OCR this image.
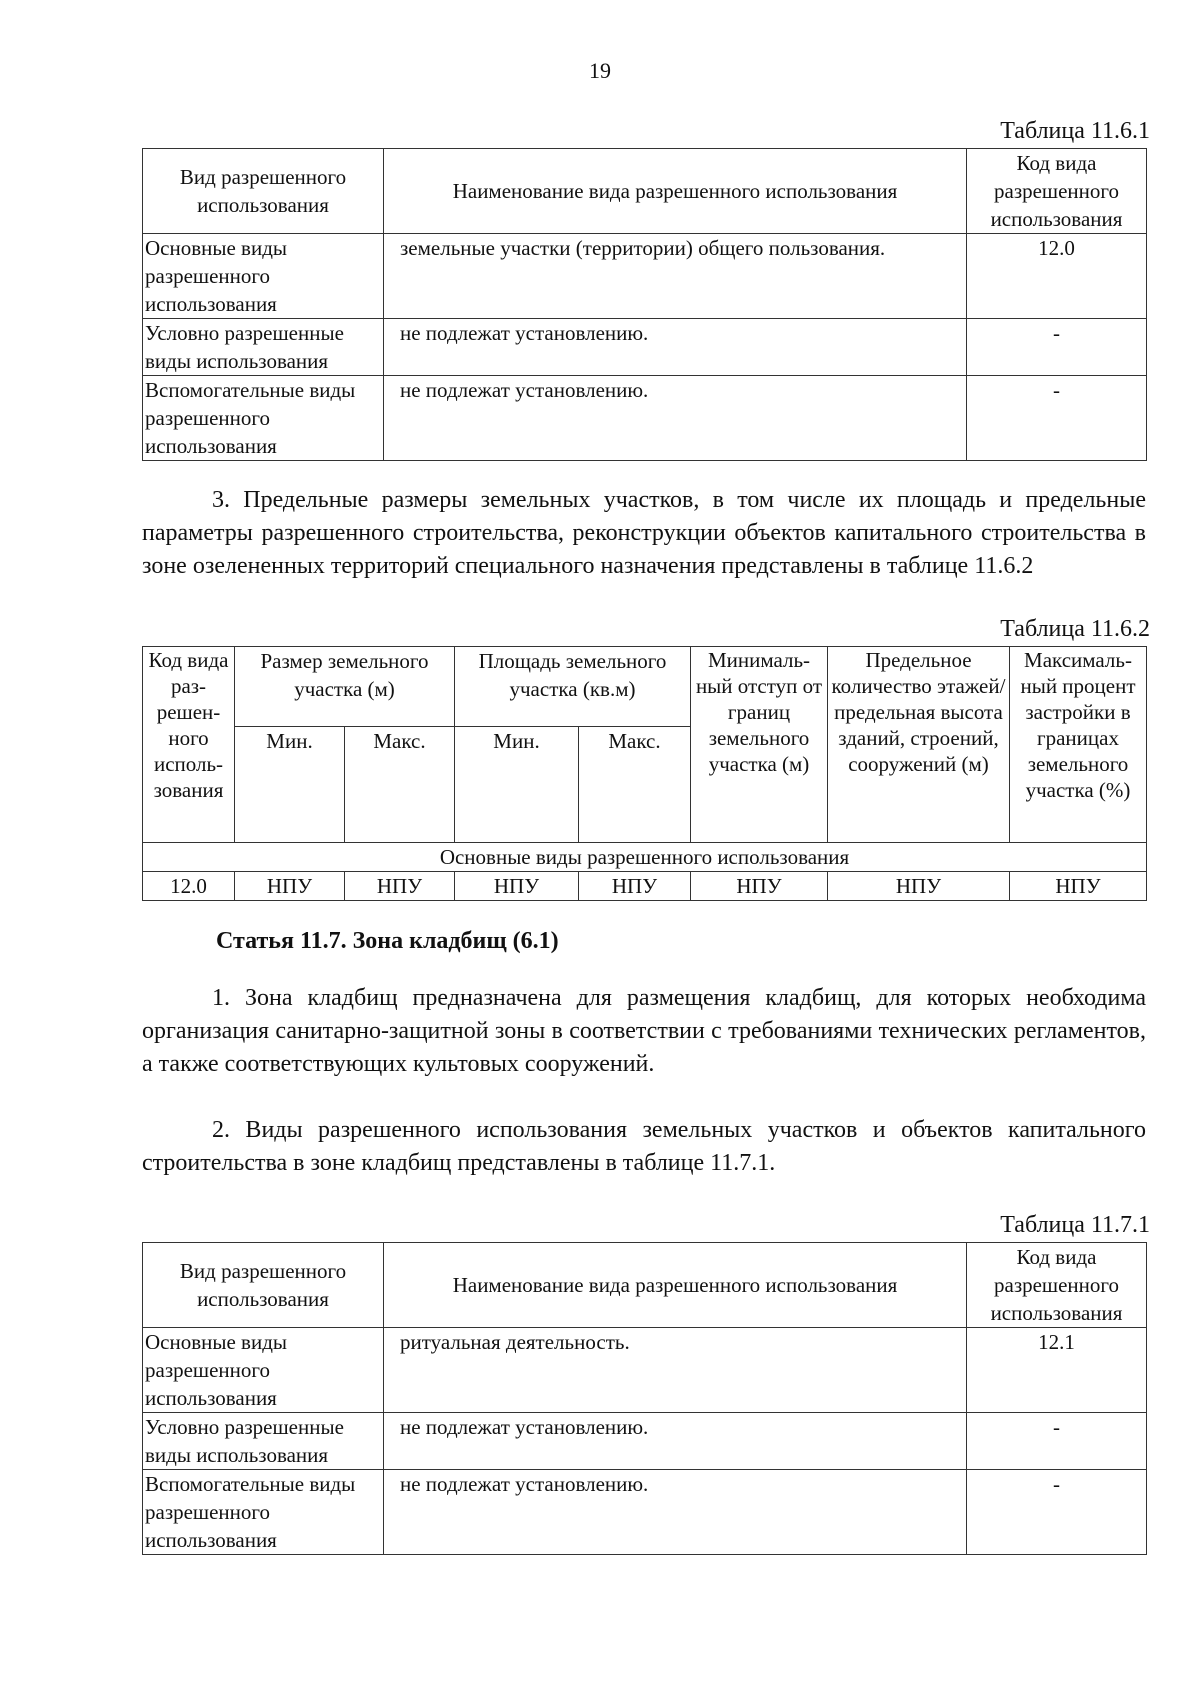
19
Таблица 11.6.1
Вид разрешенного использования	Наименование вида разрешенного использования	Код вида разрешенного использования
Основные виды разрешенного использования	земельные участки (территории) общего пользования.	12.0
Условно разрешенные виды использования	не подлежат установлению.	-
Вспомогательные виды разрешенного использования	не подлежат установлению.	-

3. Предельные размеры земельных участков, в том числе их площадь и предельные параметры разрешенного строительства, реконструкции объектов капитального строительства в зоне озелененных территорий специального назначения представлены в таблице 11.6.2

Таблица 11.6.2
Код вида раз-решен-ного исполь-зования	Размер земельного участка (м)		Площадь земельного участка (кв.м)		Минималь-ный отступ от границ земельного участка (м)	Предельное количество этажей/ предельная высота зданий, строений, сооружений (м)	Максималь-ный процент застройки в границах земельного участка (%)
	Мин.	Макс.	Мин.	Макс.			
Основные виды разрешенного использования							
12.0	НПУ	НПУ	НПУ	НПУ	НПУ	НПУ	НПУ
Статья 11.7. Зона кладбищ (6.1)

1. Зона кладбищ предназначена для размещения кладбищ, для которых необходима организация санитарно-защитной зоны в соответствии с требованиями технических регламентов, а также соответствующих культовых сооружений.

2. Виды разрешенного использования земельных участков и объектов капитального строительства в зоне кладбищ представлены в таблице 11.7.1.

Таблица 11.7.1
Вид разрешенного использования	Наименование вида разрешенного использования	Код вида разрешенного использования
Основные виды разрешенного использования	ритуальная деятельность.	12.1
Условно разрешенные виды использования	не подлежат установлению.	-
Вспомогательные виды разрешенного использования	не подлежат установлению.	-
